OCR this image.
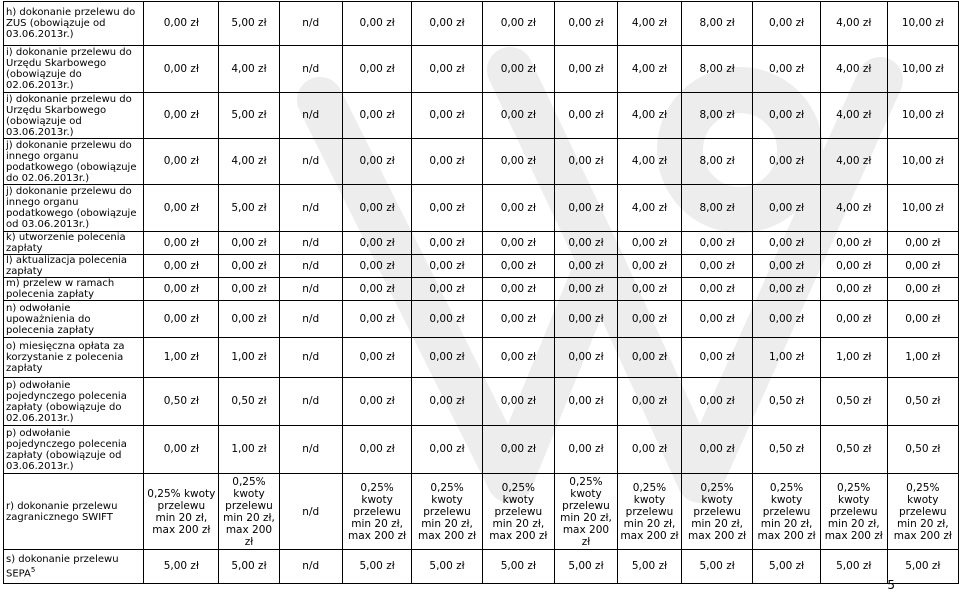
h) dokonanie przelewu do ZUS (obowiązuje od 03.06.2013r.)	0,00 zł	5,00 zł	n/d	0,00 zł	0,00 zł	0,00 zł	0,00 zł	4,00 zł	8,00 zł	0,00 zł	4,00 zł	10,00 zł
i) dokonanie przelewu do Urzędu Skarbowego (obowiązuje do 02.06.2013r.)	0,00 zł	4,00 zł	n/d	0,00 zł	0,00 zł	0,00 zł	0,00 zł	4,00 zł	8,00 zł	0,00 zł	4,00 zł	10,00 zł
i) dokonanie przelewu do Urzędu Skarbowego (obowiązuje od 03.06.2013r.)	0,00 zł	5,00 zł	n/d	0,00 zł	0,00 zł	0,00 zł	0,00 zł	4,00 zł	8,00 zł	0,00 zł	4,00 zł	10,00 zł
j) dokonanie przelewu do innego organu podatkowego (obowiązuje do 02.06.2013r.)	0,00 zł	4,00 zł	n/d	0,00 zł	0,00 zł	0,00 zł	0,00 zł	4,00 zł	8,00 zł	0,00 zł	4,00 zł	10,00 zł
j) dokonanie przelewu do innego organu podatkowego (obowiązuje od 03.06.2013r.)	0,00 zł	5,00 zł	n/d	0,00 zł	0,00 zł	0,00 zł	0,00 zł	4,00 zł	8,00 zł	0,00 zł	4,00 zł	10,00 zł
k) utworzenie polecenia zapłaty	0,00 zł	0,00 zł	n/d	0,00 zł	0,00 zł	0,00 zł	0,00 zł	0,00 zł	0,00 zł	0,00 zł	0,00 zł	0,00 zł
l) aktualizacja polecenia zapłaty	0,00 zł	0,00 zł	n/d	0,00 zł	0,00 zł	0,00 zł	0,00 zł	0,00 zł	0,00 zł	0,00 zł	0,00 zł	0,00 zł
m) przelew w ramach polecenia zapłaty	0,00 zł	0,00 zł	n/d	0,00 zł	0,00 zł	0,00 zł	0,00 zł	0,00 zł	0,00 zł	0,00 zł	0,00 zł	0,00 zł
n) odwołanie upoważnienia do polecenia zapłaty	0,00 zł	0,00 zł	n/d	0,00 zł	0,00 zł	0,00 zł	0,00 zł	0,00 zł	0,00 zł	0,00 zł	0,00 zł	0,00 zł
o) miesięczna opłata za korzystanie z polecenia zapłaty	1,00 zł	1,00 zł	n/d	0,00 zł	0,00 zł	0,00 zł	0,00 zł	0,00 zł	0,00 zł	1,00 zł	1,00 zł	1,00 zł
p) odwołanie pojedynczego polecenia zapłaty (obowiązuje do 02.06.2013r.)	0,50 zł	0,50 zł	n/d	0,00 zł	0,00 zł	0,00 zł	0,00 zł	0,00 zł	0,00 zł	0,50 zł	0,50 zł	0,50 zł
p) odwołanie pojedynczego polecenia zapłaty (obowiązuje od 03.06.2013r.)	0,00 zł	1,00 zł	n/d	0,00 zł	0,00 zł	0,00 zł	0,00 zł	0,00 zł	0,00 zł	0,50 zł	0,50 zł	0,50 zł
r) dokonanie przelewu zagranicznego SWIFT	0,25% kwoty przelewu min 20 zł, max 200 zł	0,25% kwoty przelewu min 20 zł, max 200 zł	n/d	0,25% kwoty przelewu min 20 zł, max 200 zł	0,25% kwoty przelewu min 20 zł, max 200 zł	0,25% kwoty przelewu min 20 zł, max 200 zł	0,25% kwoty przelewu min 20 zł, max 200 zł	0,25% kwoty przelewu min 20 zł, max 200 zł	0,25% kwoty przelewu min 20 zł, max 200 zł	0,25% kwoty przelewu min 20 zł, max 200 zł	0,25% kwoty przelewu min 20 zł, max 200 zł	0,25% kwoty przelewu min 20 zł, max 200 zł
s) dokonanie przelewu SEPA$^5$	5,00 zł	5,00 zł	n/d	5,00 zł	5,00 zł	5,00 zł	5,00 zł	5,00 zł	5,00 zł	5,00 zł	5,00 zł	5,00 zł
5
